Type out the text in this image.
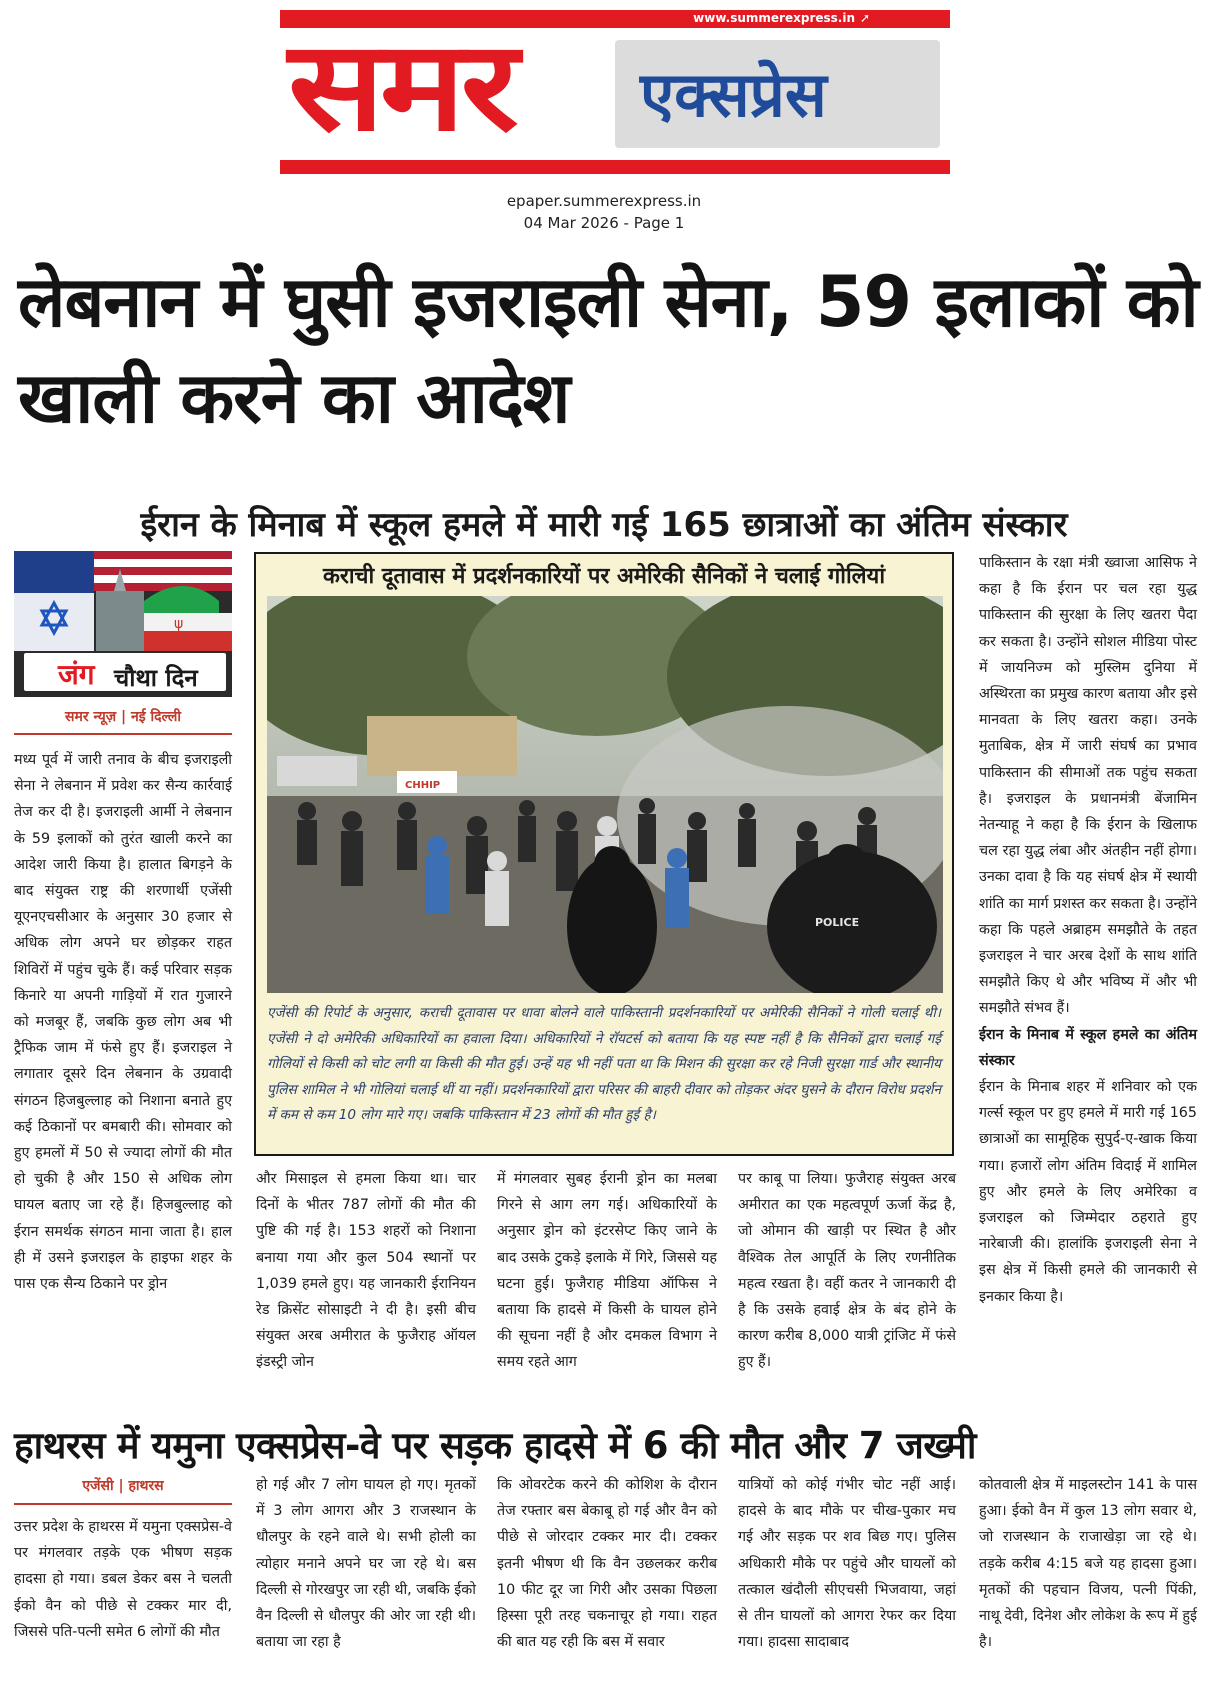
www.summerexpress.in ➚
समर एक्सप्रेस
epaper.summerexpress.in
04 Mar 2026 - Page 1
लेबनान में घुसी इजराइली सेना, 59 इलाकों को खाली करने का आदेश
ईरान के मिनाब में स्कूल हमले में मारी गई 165 छात्राओं का अंतिम संस्कार
ψ
जंग चौथा दिन
समर न्यूज़ | नई दिल्ली
मध्य पूर्व में जारी तनाव के बीच इजराइली सेना ने लेबनान में प्रवेश कर सैन्य कार्रवाई तेज कर दी है। इजराइली आर्मी ने लेबनान के 59 इलाकों को तुरंत खाली करने का आदेश जारी किया है। हालात बिगड़ने के बाद संयुक्त राष्ट्र की शरणार्थी एजेंसी यूएनएचसीआर के अनुसार 30 हजार से अधिक लोग अपने घर छोड़कर राहत शिविरों में पहुंच चुके हैं। कई परिवार सड़क किनारे या अपनी गाड़ियों में रात गुजारने को मजबूर हैं, जबकि कुछ लोग अब भी ट्रैफिक जाम में फंसे हुए हैं। इजराइल ने लगातार दूसरे दिन लेबनान के उग्रवादी संगठन हिजबुल्लाह को निशाना बनाते हुए कई ठिकानों पर बमबारी की। सोमवार को हुए हमलों में 50 से ज्यादा लोगों की मौत हो चुकी है और 150 से अधिक लोग घायल बताए जा रहे हैं। हिजबुल्लाह को ईरान समर्थक संगठन माना जाता है। हाल ही में उसने इजराइल के हाइफा शहर के पास एक सैन्य ठिकाने पर ड्रोन
कराची दूतावास में प्रदर्शनकारियों पर अमेरिकी सैनिकों ने चलाई गोलियां
CHHIP
POLICE
एजेंसी की रिपोर्ट के अनुसार, कराची दूतावास पर धावा बोलने वाले पाकिस्तानी प्रदर्शनकारियों पर अमेरिकी सैनिकों ने गोली चलाई थी। एजेंसी ने दो अमेरिकी अधिकारियों का हवाला दिया। अधिकारियों ने रॉयटर्स को बताया कि यह स्पष्ट नहीं है कि सैनिकों द्वारा चलाई गई गोलियों से किसी को चोट लगी या किसी की मौत हुई। उन्हें यह भी नहीं पता था कि मिशन की सुरक्षा कर रहे निजी सुरक्षा गार्ड और स्थानीय पुलिस शामिल ने भी गोलियां चलाई थीं या नहीं। प्रदर्शनकारियों द्वारा परिसर की बाहरी दीवार को तोड़कर अंदर घुसने के दौरान विरोध प्रदर्शन में कम से कम 10 लोग मारे गए। जबकि पाकिस्तान में 23 लोगों की मौत हुई है।
और मिसाइल से हमला किया था। चार दिनों के भीतर 787 लोगों की मौत की पुष्टि की गई है। 153 शहरों को निशाना बनाया गया और कुल 504 स्थानों पर 1,039 हमले हुए। यह जानकारी ईरानियन रेड क्रिसेंट सोसाइटी ने दी है। इसी बीच संयुक्त अरब अमीरात के फुजैराह ऑयल इंडस्ट्री जोन
में मंगलवार सुबह ईरानी ड्रोन का मलबा गिरने से आग लग गई। अधिकारियों के अनुसार ड्रोन को इंटरसेप्ट किए जाने के बाद उसके टुकड़े इलाके में गिरे, जिससे यह घटना हुई। फुजैराह मीडिया ऑफिस ने बताया कि हादसे में किसी के घायल होने की सूचना नहीं है और दमकल विभाग ने समय रहते आग
पर काबू पा लिया। फुजैराह संयुक्त अरब अमीरात का एक महत्वपूर्ण ऊर्जा केंद्र है, जो ओमान की खाड़ी पर स्थित है और वैश्विक तेल आपूर्ति के लिए रणनीतिक महत्व रखता है। वहीं कतर ने जानकारी दी है कि उसके हवाई क्षेत्र के बंद होने के कारण करीब 8,000 यात्री ट्रांजिट में फंसे हुए हैं।
पाकिस्तान के रक्षा मंत्री ख्वाजा आसिफ ने कहा है कि ईरान पर चल रहा युद्ध पाकिस्तान की सुरक्षा के लिए खतरा पैदा कर सकता है। उन्होंने सोशल मीडिया पोस्ट में जायनिज्म को मुस्लिम दुनिया में अस्थिरता का प्रमुख कारण बताया और इसे मानवता के लिए खतरा कहा। उनके मुताबिक, क्षेत्र में जारी संघर्ष का प्रभाव पाकिस्तान की सीमाओं तक पहुंच सकता है। इजराइल के प्रधानमंत्री बेंजामिन नेतन्याहू ने कहा है कि ईरान के खिलाफ चल रहा युद्ध लंबा और अंतहीन नहीं होगा। उनका दावा है कि यह संघर्ष क्षेत्र में स्थायी शांति का मार्ग प्रशस्त कर सकता है। उन्होंने कहा कि पहले अब्राहम समझौते के तहत इजराइल ने चार अरब देशों के साथ शांति समझौते किए थे और भविष्य में और भी समझौते संभव हैं।
ईरान के मिनाब में स्कूल हमले का अंतिम संस्कार
ईरान के मिनाब शहर में शनिवार को एक गर्ल्स स्कूल पर हुए हमले में मारी गई 165 छात्राओं का सामूहिक सुपुर्द-ए-खाक किया गया। हजारों लोग अंतिम विदाई में शामिल हुए और हमले के लिए अमेरिका व इजराइल को जिम्मेदार ठहराते हुए नारेबाजी की। हालांकि इजराइली सेना ने इस क्षेत्र में किसी हमले की जानकारी से इनकार किया है।
हाथरस में यमुना एक्सप्रेस-वे पर सड़क हादसे में 6 की मौत और 7 जख्मी
एजेंसी | हाथरस
उत्तर प्रदेश के हाथरस में यमुना एक्सप्रेस-वे पर मंगलवार तड़के एक भीषण सड़क हादसा हो गया। डबल डेकर बस ने चलती ईको वैन को पीछे से टक्कर मार दी, जिससे पति-पत्नी समेत 6 लोगों की मौत
हो गई और 7 लोग घायल हो गए। मृतकों में 3 लोग आगरा और 3 राजस्थान के धौलपुर के रहने वाले थे। सभी होली का त्योहार मनाने अपने घर जा रहे थे। बस दिल्ली से गोरखपुर जा रही थी, जबकि ईको वैन दिल्ली से धौलपुर की ओर जा रही थी। बताया जा रहा है
कि ओवरटेक करने की कोशिश के दौरान तेज रफ्तार बस बेकाबू हो गई और वैन को पीछे से जोरदार टक्कर मार दी। टक्कर इतनी भीषण थी कि वैन उछलकर करीब 10 फीट दूर जा गिरी और उसका पिछला हिस्सा पूरी तरह चकनाचूर हो गया। राहत की बात यह रही कि बस में सवार
यात्रियों को कोई गंभीर चोट नहीं आई। हादसे के बाद मौके पर चीख-पुकार मच गई और सड़क पर शव बिछ गए। पुलिस अधिकारी मौके पर पहुंचे और घायलों को तत्काल खंदौली सीएचसी भिजवाया, जहां से तीन घायलों को आगरा रेफर कर दिया गया। हादसा सादाबाद
कोतवाली क्षेत्र में माइलस्टोन 141 के पास हुआ। ईको वैन में कुल 13 लोग सवार थे, जो राजस्थान के राजाखेड़ा जा रहे थे। तड़के करीब 4:15 बजे यह हादसा हुआ। मृतकों की पहचान विजय, पत्नी पिंकी, नाथू देवी, दिनेश और लोकेश के रूप में हुई है।
